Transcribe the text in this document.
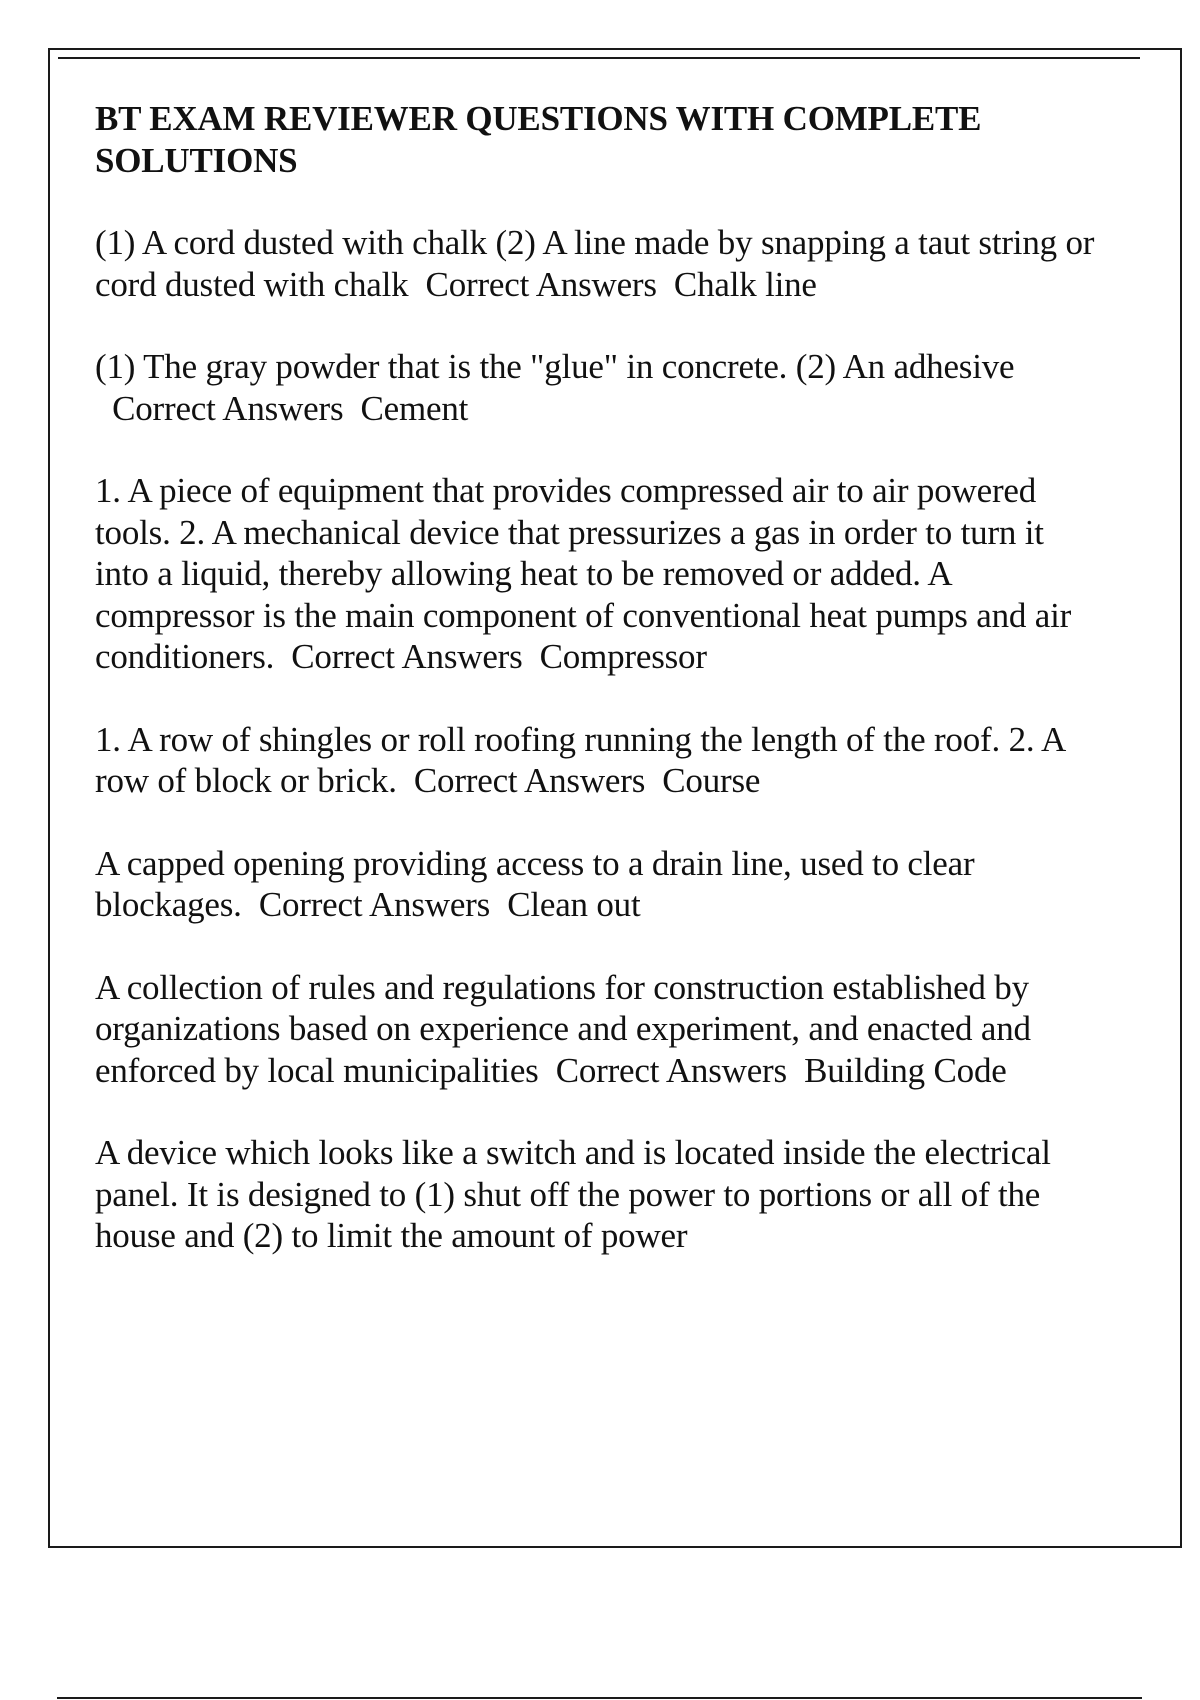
BT EXAM REVIEWER QUESTIONS WITH COMPLETE SOLUTIONS
(1) A cord dusted with chalk (2) A line made by snapping a taut string or cord dusted with chalk Correct Answers Chalk line
(1) The gray powder that is the "glue" in concrete. (2) An adhesive  Correct Answers Cement
1. A piece of equipment that provides compressed air to air powered tools. 2. A mechanical device that pressurizes a gas in order to turn it into a liquid, thereby allowing heat to be removed or added. A compressor is the main component of conventional heat pumps and air conditioners. Correct Answers Compressor
1. A row of shingles or roll roofing running the length of the roof. 2. A row of block or brick. Correct Answers Course
A capped opening providing access to a drain line, used to clear blockages. Correct Answers Clean out
A collection of rules and regulations for construction established by organizations based on experience and experiment, and enacted and enforced by local municipalities Correct Answers Building Code
A device which looks like a switch and is located inside the electrical panel. It is designed to (1) shut off the power to portions or all of the house and (2) to limit the amount of power
